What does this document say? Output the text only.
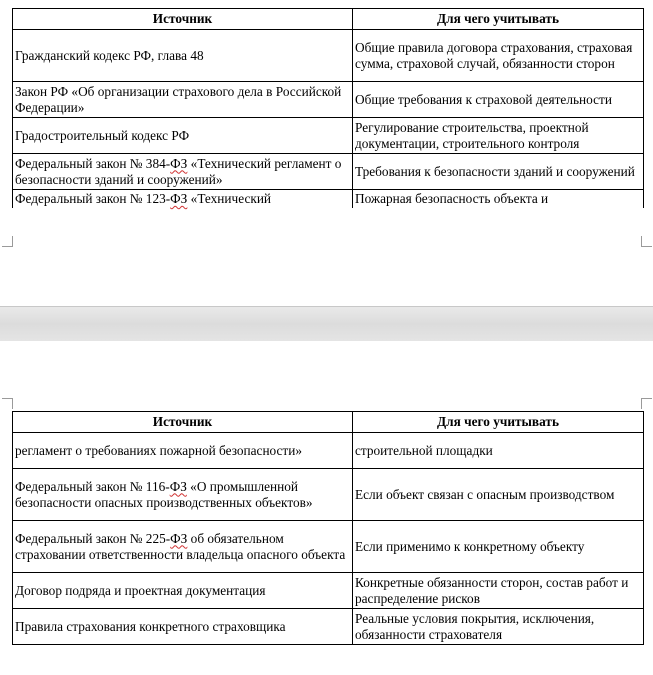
Источник	Для чего учитывать
Гражданский кодекс РФ, глава 48	Общие правила договора страхования, страховая сумма, страховой случай, обязанности сторон
Закон РФ «Об организации страхового дела в Российской Федерации»	Общие требования к страховой деятельности
Градостроительный кодекс РФ	Регулирование строительства, проектной документации, строительного контроля
Федеральный закон № 384-ФЗ «Технический регламент о безопасности зданий и сооружений»	Требования к безопасности зданий и сооружений
Федеральный закон № 123-ФЗ «Технический	Пожарная безопасность объекта и
Источник	Для чего учитывать
регламент о требованиях пожарной безопасности»	строительной площадки
Федеральный закон № 116-ФЗ «О промышленной безопасности опасных производственных объектов»	Если объект связан с опасным производством
Федеральный закон № 225-ФЗ об обязательном страховании ответственности владельца опасного объекта	Если применимо к конкретному объекту
Договор подряда и проектная документация	Конкретные обязанности сторон, состав работ и распределение рисков
Правила страхования конкретного страховщика	Реальные условия покрытия, исключения, обязанности страхователя
